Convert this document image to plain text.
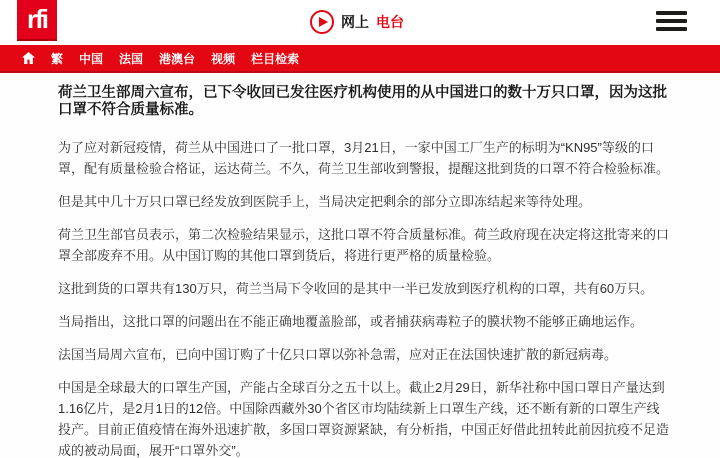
rfi	网上 电台
繁	中国	法国	港澳台	视频	栏目检索
荷兰卫生部周六宣布，已下令收回已发往医疗机构使用的从中国进口的数十万只口罩，因为这批口罩不符合质量标准。

为了应对新冠疫情，荷兰从中国进口了一批口罩，3月21日，一家中国工厂生产的标明为“KN95”等级的口罩，配有质量检验合格证，运达荷兰。不久，荷兰卫生部收到警报，提醒这批到货的口罩不符合检验标准。

但是其中几十万只口罩已经发放到医院手上，当局决定把剩余的部分立即冻结起来等待处理。

荷兰卫生部官员表示，第二次检验结果显示，这批口罩不符合质量标准。荷兰政府现在决定将这批寄来的口罩全部废弃不用。从中国订购的其他口罩到货后，将进行更严格的质量检验。

这批到货的口罩共有130万只，荷兰当局下令收回的是其中一半已发放到医疗机构的口罩，共有60万只。

当局指出，这批口罩的问题出在不能正确地覆盖脸部，或者捕获病毒粒子的膜状物不能够正确地运作。

法国当局周六宣布，已向中国订购了十亿只口罩以弥补急需，应对正在法国快速扩散的新冠病毒。

中国是全球最大的口罩生产国，产能占全球百分之五十以上。截止2月29日，新华社称中国口罩日产量达到1.16亿片，是2月1日的12倍。中国除西藏外30个省区市均陆续新上口罩生产线，还不断有新的口罩生产线投产。目前正值疫情在海外迅速扩散，多国口罩资源紧缺，有分析指，中国正好借此扭转此前因抗疫不足造成的被动局面，展开“口罩外交”。
